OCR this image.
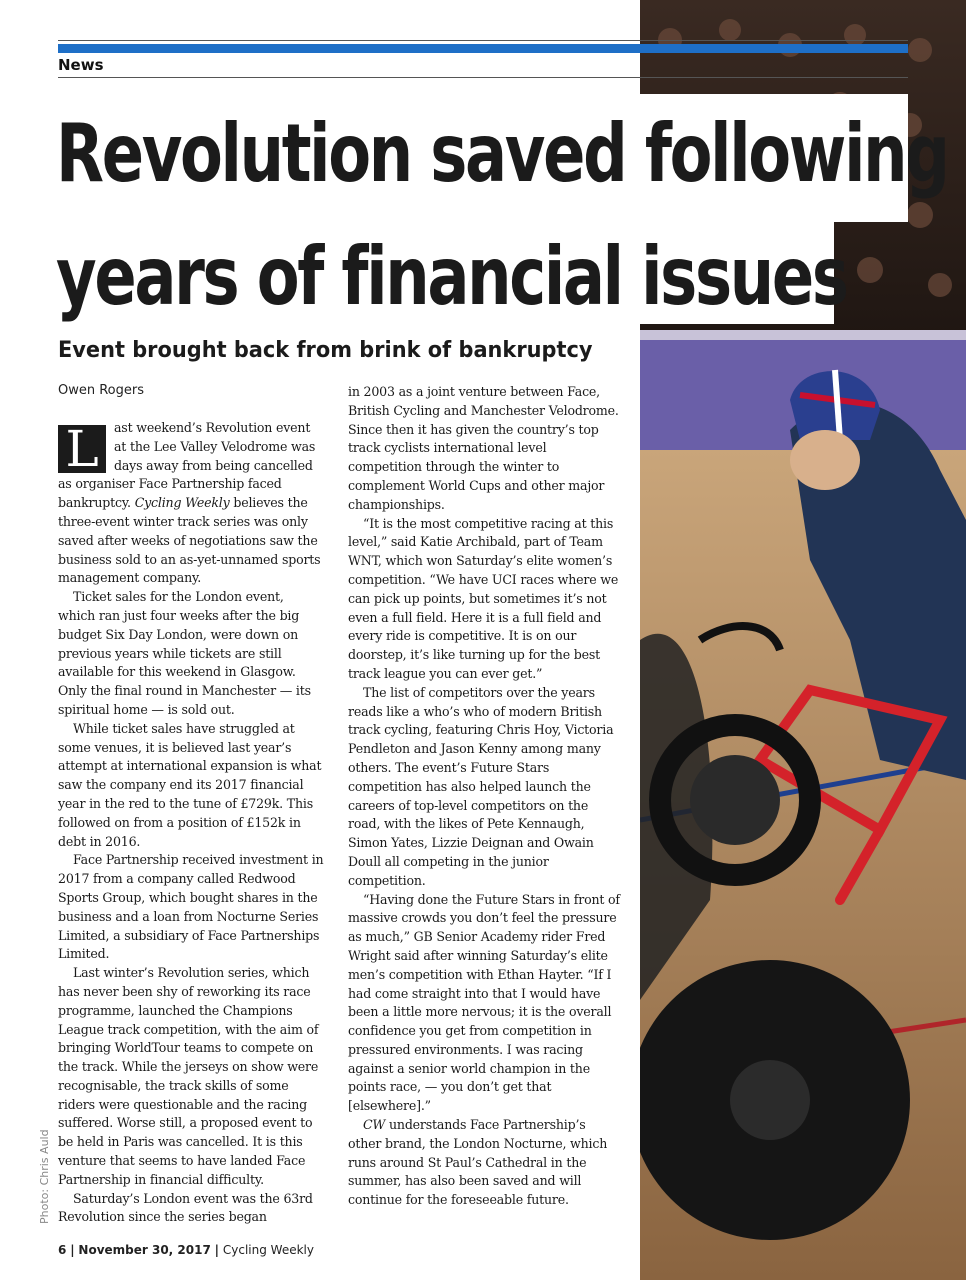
News
Revolution saved following
years of financial issues
Event brought back from brink of bankruptcy
Owen Rogers

L	ast weekend’s Revolution event at the Lee Valley Velodrome was days away from being cancelled as organiser Face Partnership faced bankruptcy. Cycling Weekly believes the three-event winter track series was only saved after weeks of negotiations saw the business sold to an as-yet-unnamed sports management company.

Ticket sales for the London event, which ran just four weeks after the big budget Six Day London, were down on previous years while tickets are still available for this weekend in Glasgow. Only the final round in Manchester — its spiritual home — is sold out.

While ticket sales have struggled at some venues, it is believed last year’s attempt at international expansion is what saw the company end its 2017 financial year in the red to the tune of £729k. This followed on from a position of £152k in debt in 2016.

Face Partnership received investment in 2017 from a company called Redwood Sports Group, which bought shares in the business and a loan from Nocturne Series Limited, a subsidiary of Face Partnerships Limited.

Last winter’s Revolution series, which has never been shy of reworking its race programme, launched the Champions League track competition, with the aim of bringing WorldTour teams to compete on the track. While the jerseys on show were recognisable, the track skills of some riders were questionable and the racing suffered. Worse still, a proposed event to be held in Paris was cancelled. It is this venture that seems to have landed Face Partnership in financial difficulty.

Saturday’s London event was the 63rd Revolution since the series began

in 2003 as a joint venture between Face, British Cycling and Manchester Velodrome. Since then it has given the country’s top track cyclists international level competition through the winter to complement World Cups and other major championships.

“It is the most competitive racing at this level,” said Katie Archibald, part of Team WNT, which won Saturday’s elite women’s competition. “We have UCI races where we can pick up points, but sometimes it’s not even a full field. Here it is a full field and every ride is competitive. It is on our doorstep, it’s like turning up for the best track league you can ever get.”

The list of competitors over the years reads like a who’s who of modern British track cycling, featuring Chris Hoy, Victoria Pendleton and Jason Kenny among many others. The event’s Future Stars competition has also helped launch the careers of top-level competitors on the road, with the likes of Pete Kennaugh, Simon Yates, Lizzie Deignan and Owain Doull all competing in the junior competition.

“Having done the Future Stars in front of massive crowds you don’t feel the pressure as much,” GB Senior Academy rider Fred Wright said after winning Saturday’s elite men’s competition with Ethan Hayter. “If I had come straight into that I would have been a little more nervous; it is the overall confidence you get from competition in pressured environments. I was racing against a senior world champion in the points race, — you don’t get that [elsewhere].”

CW understands Face Partnership’s other brand, the London Nocturne, which runs around St Paul’s Cathedral in the summer, has also been saved and will continue for the foreseeable future.

Photo: Chris Auld
6 | November 30, 2017 | Cycling Weekly
